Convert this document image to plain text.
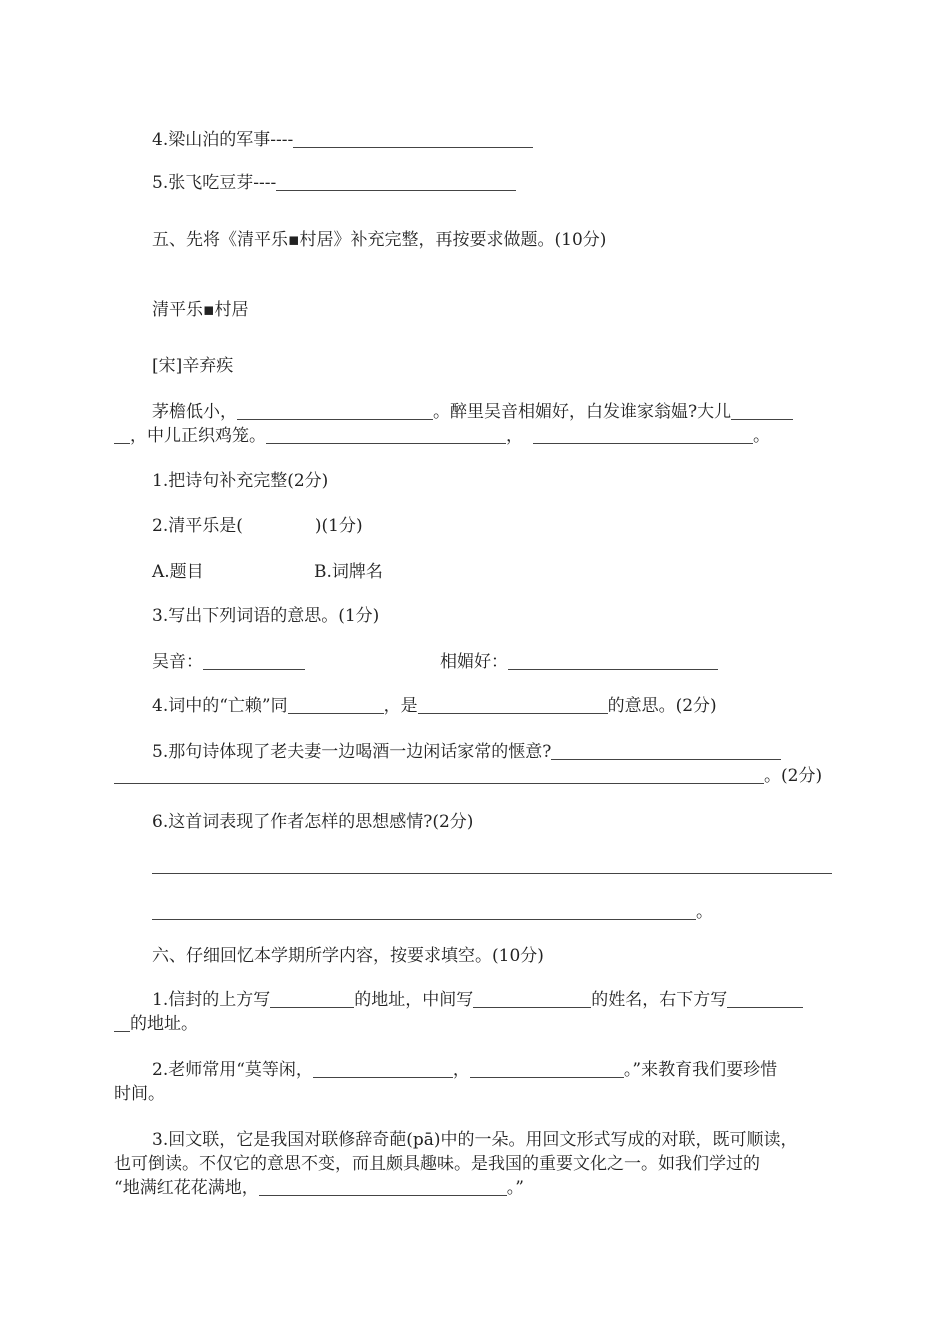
4.梁山泊的军事----
5.张飞吃豆芽----
五、先将《清平乐▪村居》补充完整，再按要求做题。(10分)
清平乐▪村居
[宋]辛弃疾
茅檐低小，	。醉里吴音相媚好，白发谁家翁媪?大儿
，中儿正织鸡笼。	，	。
1.把诗句补充完整(2分)
2.清平乐是(	)(1分)
A.题目	B.词牌名
3.写出下列词语的意思。(1分)
吴音：	相媚好：
4.词中的“亡赖”同	，是	的意思。(2分)
5.那句诗体现了老夫妻一边喝酒一边闲话家常的惬意?
。(2分)
6.这首词表现了作者怎样的思想感情?(2分)
。
六、仔细回忆本学期所学内容，按要求填空。(10分)
1.信封的上方写	的地址，中间写	的姓名，右下方写
的地址。
2.老师常用“莫等闲，	，	。”来教育我们要珍惜
时间。
3.回文联，它是我国对联修辞奇葩(pā)中的一朵。用回文形式写成的对联，既可顺读，
也可倒读。不仅它的意思不变，而且颇具趣味。是我国的重要文化之一。如我们学过的
“地满红花花满地，	。”
